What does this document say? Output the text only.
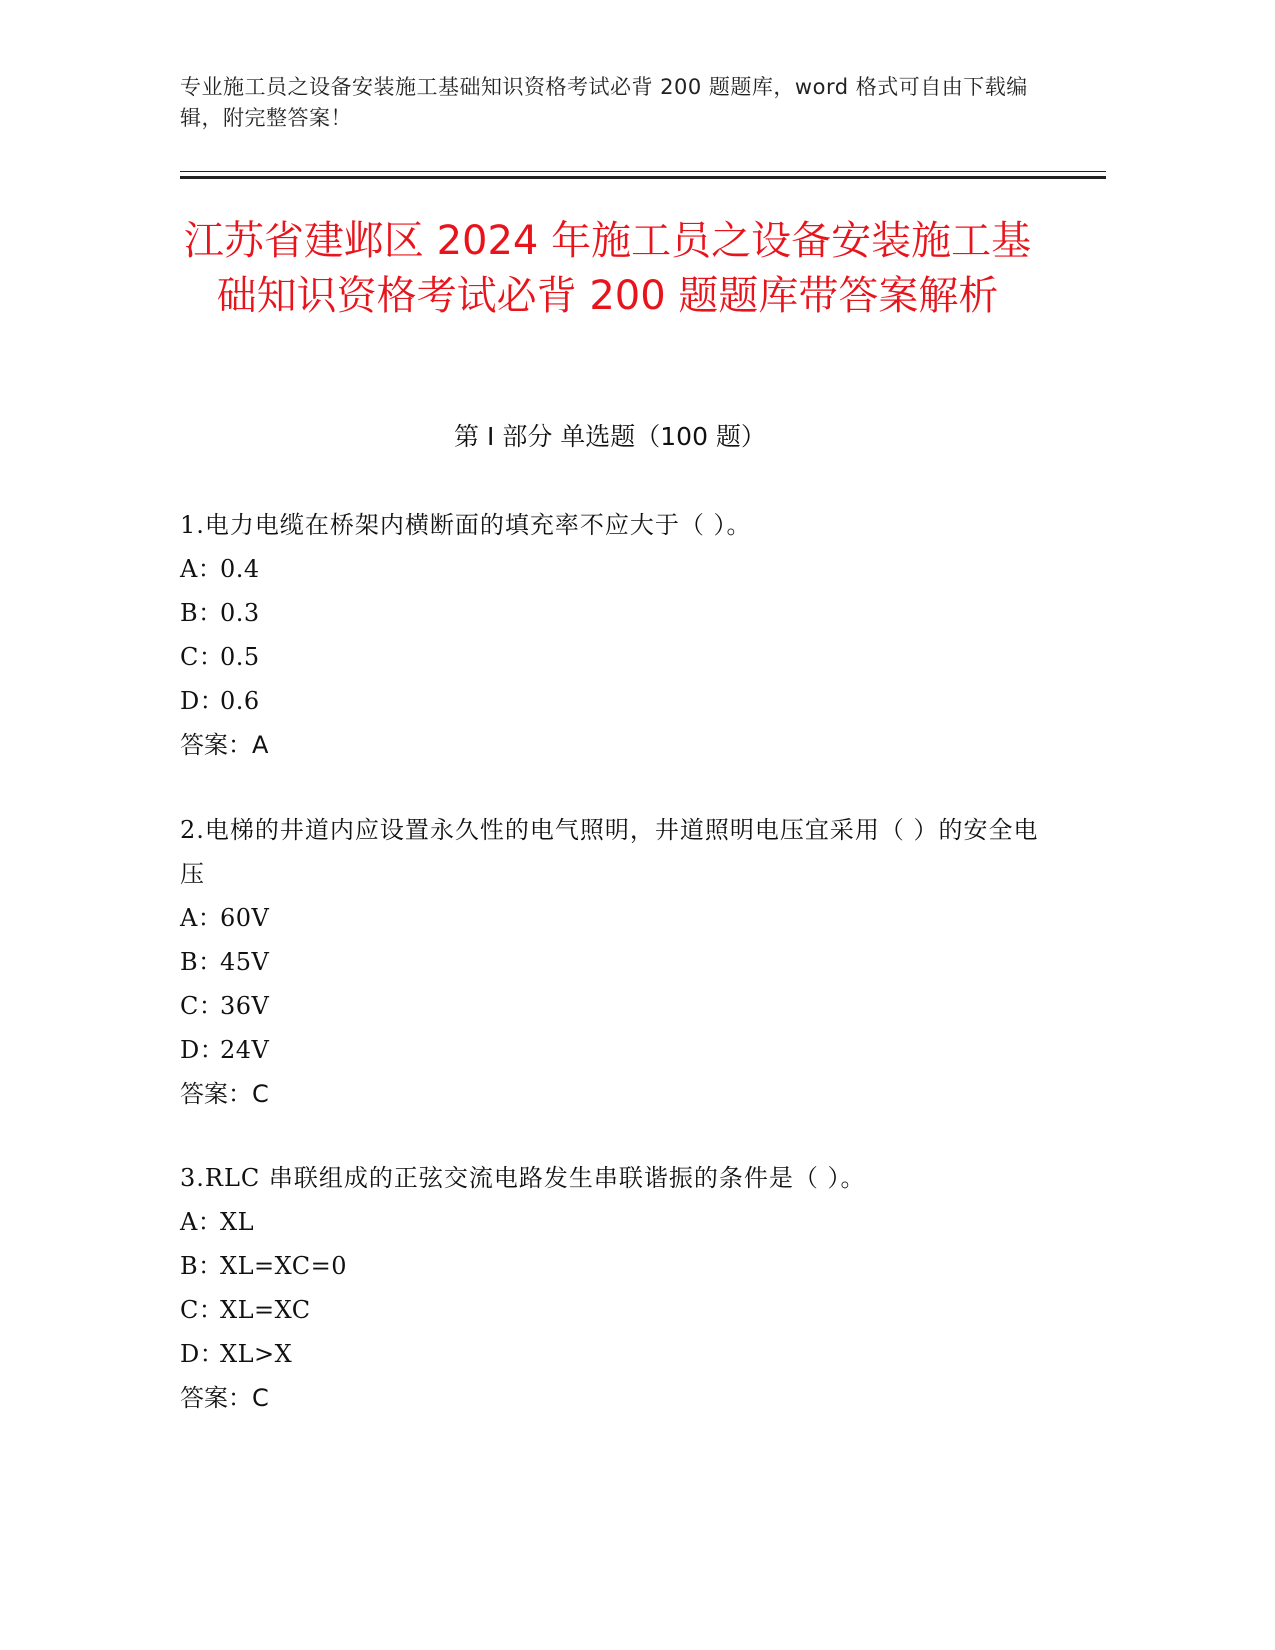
专业施工员之设备安装施工基础知识资格考试必背 200 题题库，word 格式可自由下载编辑，附完整答案！
江苏省建邺区 2024 年施工员之设备安装施工基础知识资格考试必背 200 题题库带答案解析
第 I 部分 单选题（100 题）

1.电力电缆在桥架内横断面的填充率不应大于（ ）。

A：0.4

B：0.3

C：0.5

D：0.6

答案：A

2.电梯的井道内应设置永久性的电气照明，井道照明电压宜采用（ ）的安全电压

A：60V

B：45V

C：36V

D：24V

答案：C

3.RLC 串联组成的正弦交流电路发生串联谐振的条件是（ ）。

A：XL

B：XL=XC=0

C：XL=XC

D：XL>X

答案：C
